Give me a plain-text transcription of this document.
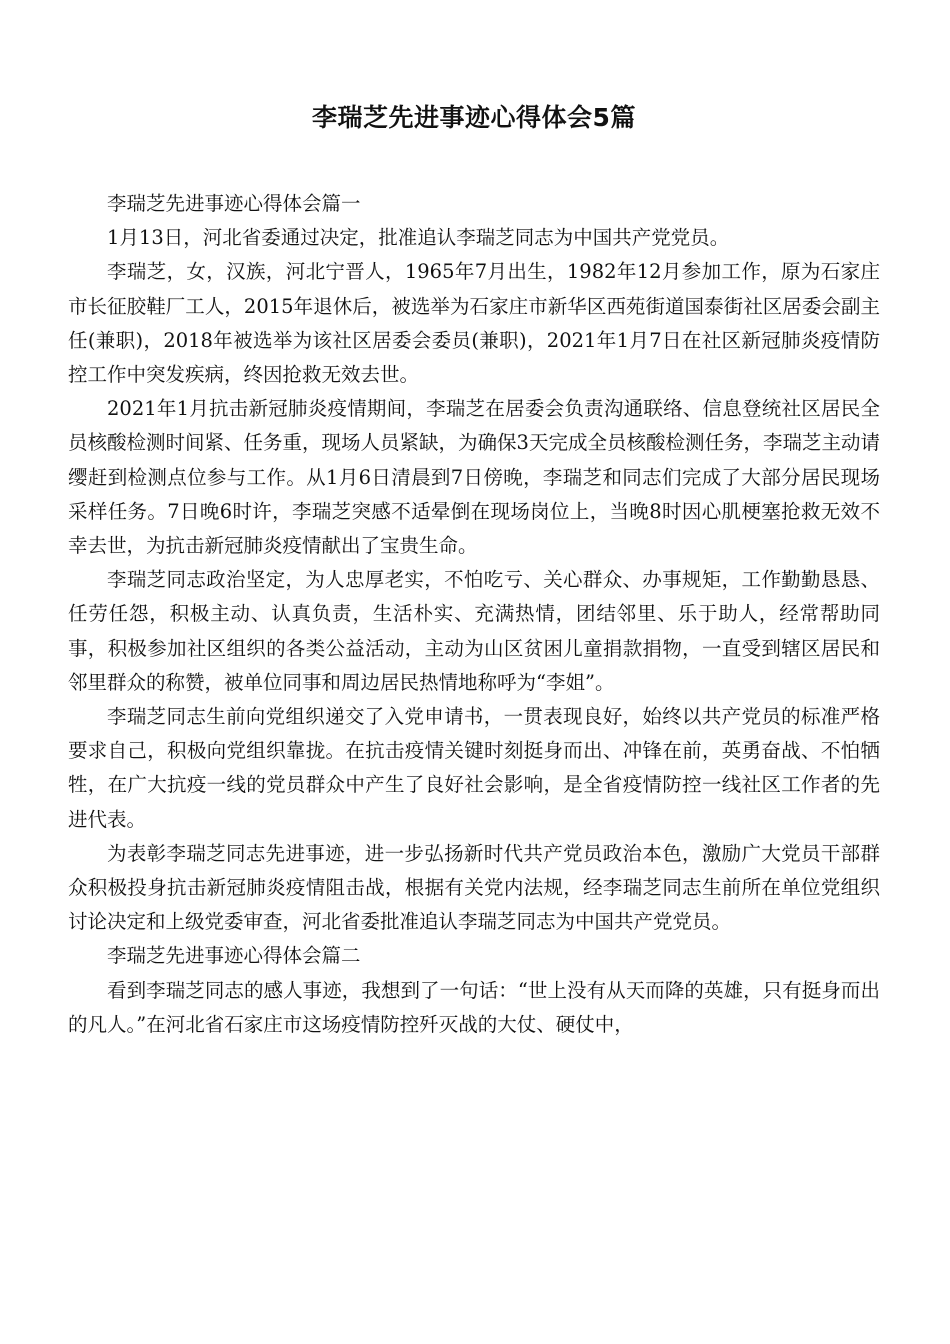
李瑞芝先进事迹心得体会5篇

李瑞芝先进事迹心得体会篇一

1月13日，河北省委通过决定，批准追认李瑞芝同志为中国共产党党员。

李瑞芝，女，汉族，河北宁晋人，1965年7月出生，1982年12月参加工作，原为石家庄市长征胶鞋厂工人，2015年退休后，被选举为石家庄市新华区西苑街道国泰街社区居委会副主任(兼职)，2018年被选举为该社区居委会委员(兼职)，2021年1月7日在社区新冠肺炎疫情防控工作中突发疾病，终因抢救无效去世。

2021年1月抗击新冠肺炎疫情期间，李瑞芝在居委会负责沟通联络、信息登统社区居民全员核酸检测时间紧、任务重，现场人员紧缺，为确保3天完成全员核酸检测任务，李瑞芝主动请缨赶到检测点位参与工作。从1月6日清晨到7日傍晚，李瑞芝和同志们完成了大部分居民现场采样任务。7日晚6时许，李瑞芝突感不适晕倒在现场岗位上，当晚8时因心肌梗塞抢救无效不幸去世，为抗击新冠肺炎疫情献出了宝贵生命。

李瑞芝同志政治坚定，为人忠厚老实，不怕吃亏、关心群众、办事规矩，工作勤勤恳恳、任劳任怨，积极主动、认真负责，生活朴实、充满热情，团结邻里、乐于助人，经常帮助同事，积极参加社区组织的各类公益活动，主动为山区贫困儿童捐款捐物，一直受到辖区居民和邻里群众的称赞，被单位同事和周边居民热情地称呼为“李姐”。

李瑞芝同志生前向党组织递交了入党申请书，一贯表现良好，始终以共产党员的标准严格要求自己，积极向党组织靠拢。在抗击疫情关键时刻挺身而出、冲锋在前，英勇奋战、不怕牺牲，在广大抗疫一线的党员群众中产生了良好社会影响，是全省疫情防控一线社区工作者的先进代表。

为表彰李瑞芝同志先进事迹，进一步弘扬新时代共产党员政治本色，激励广大党员干部群众积极投身抗击新冠肺炎疫情阻击战，根据有关党内法规，经李瑞芝同志生前所在单位党组织讨论决定和上级党委审查，河北省委批准追认李瑞芝同志为中国共产党党员。

李瑞芝先进事迹心得体会篇二

看到李瑞芝同志的感人事迹，我想到了一句话：“世上没有从天而降的英雄，只有挺身而出的凡人。”在河北省石家庄市这场疫情防控歼灭战的大仗、硬仗中，
